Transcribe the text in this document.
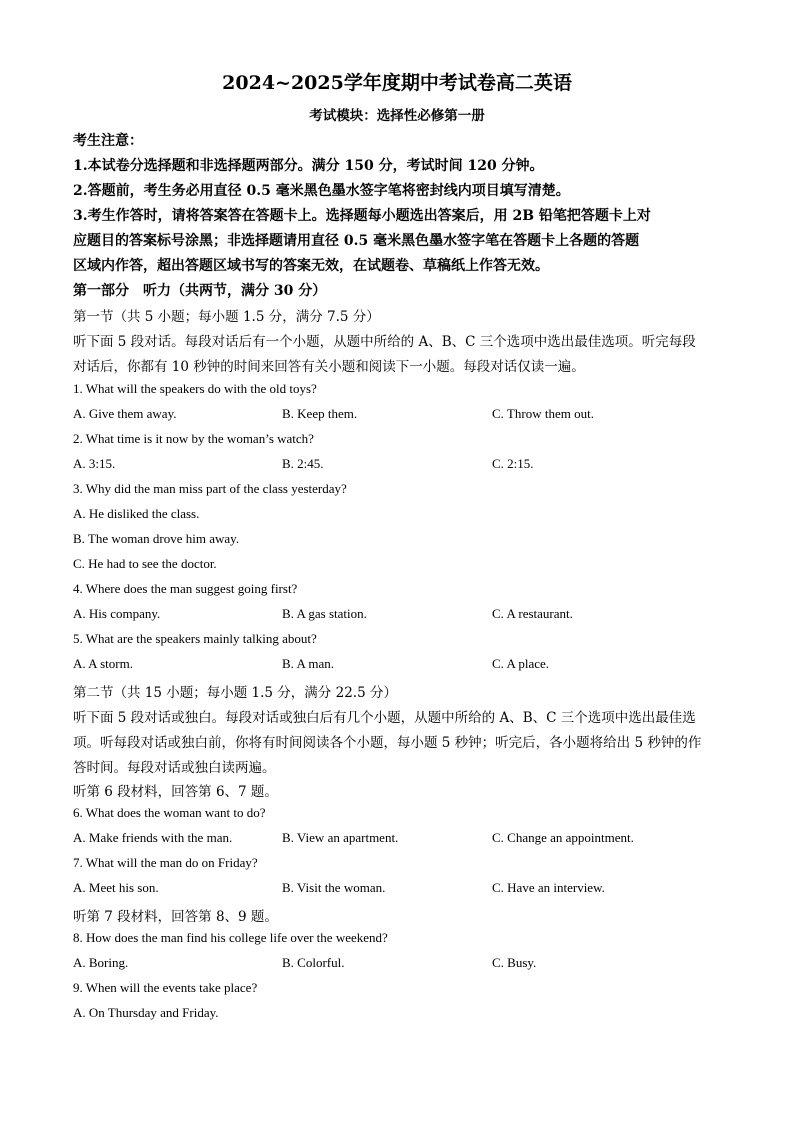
2024~2025学年度期中考试卷高二英语
考试模块：选择性必修第一册
考生注意：
1.本试卷分选择题和非选择题两部分。满分 150 分，考试时间 120 分钟。
2.答题前，考生务必用直径 0.5 毫米黑色墨水签字笔将密封线内项目填写清楚。
3.考生作答时，请将答案答在答题卡上。选择题每小题选出答案后，用 2B 铅笔把答题卡上对
应题目的答案标号涂黑；非选择题请用直径 0.5 毫米黑色墨水签字笔在答题卡上各题的答题
区域内作答，超出答题区域书写的答案无效，在试题卷、草稿纸上作答无效。
第一部分　听力（共两节，满分 30 分）
第一节（共 5 小题；每小题 1.5 分，满分 7.5 分）
听下面 5 段对话。每段对话后有一个小题，从题中所给的 A、B、C 三个选项中选出最佳选项。听完每段
对话后，你都有 10 秒钟的时间来回答有关小题和阅读下一小题。每段对话仅读一遍。
1. What will the speakers do with the old toys?
A. Give them away.	B. Keep them.	C. Throw them out.
2. What time is it now by the woman’s watch?
A. 3:15.	B. 2:45.	C. 2:15.
3. Why did the man miss part of the class yesterday?
A. He disliked the class.
B. The woman drove him away.
C. He had to see the doctor.
4. Where does the man suggest going first?
A. His company.	B. A gas station.	C. A restaurant.
5. What are the speakers mainly talking about?
A. A storm.	B. A man.	C. A place.
第二节（共 15 小题；每小题 1.5 分，满分 22.5 分）
听下面 5 段对话或独白。每段对话或独白后有几个小题，从题中所给的 A、B、C 三个选项中选出最佳选
项。听每段对话或独白前，你将有时间阅读各个小题，每小题 5 秒钟；听完后，各小题将给出 5 秒钟的作
答时间。每段对话或独白读两遍。
听第 6 段材料，回答第 6、7 题。
6. What does the woman want to do?
A. Make friends with the man.	B. View an apartment.	C. Change an appointment.
7. What will the man do on Friday?
A. Meet his son.	B. Visit the woman.	C. Have an interview.
听第 7 段材料，回答第 8、9 题。
8. How does the man find his college life over the weekend?
A. Boring.	B. Colorful.	C. Busy.
9. When will the events take place?
A. On Thursday and Friday.
